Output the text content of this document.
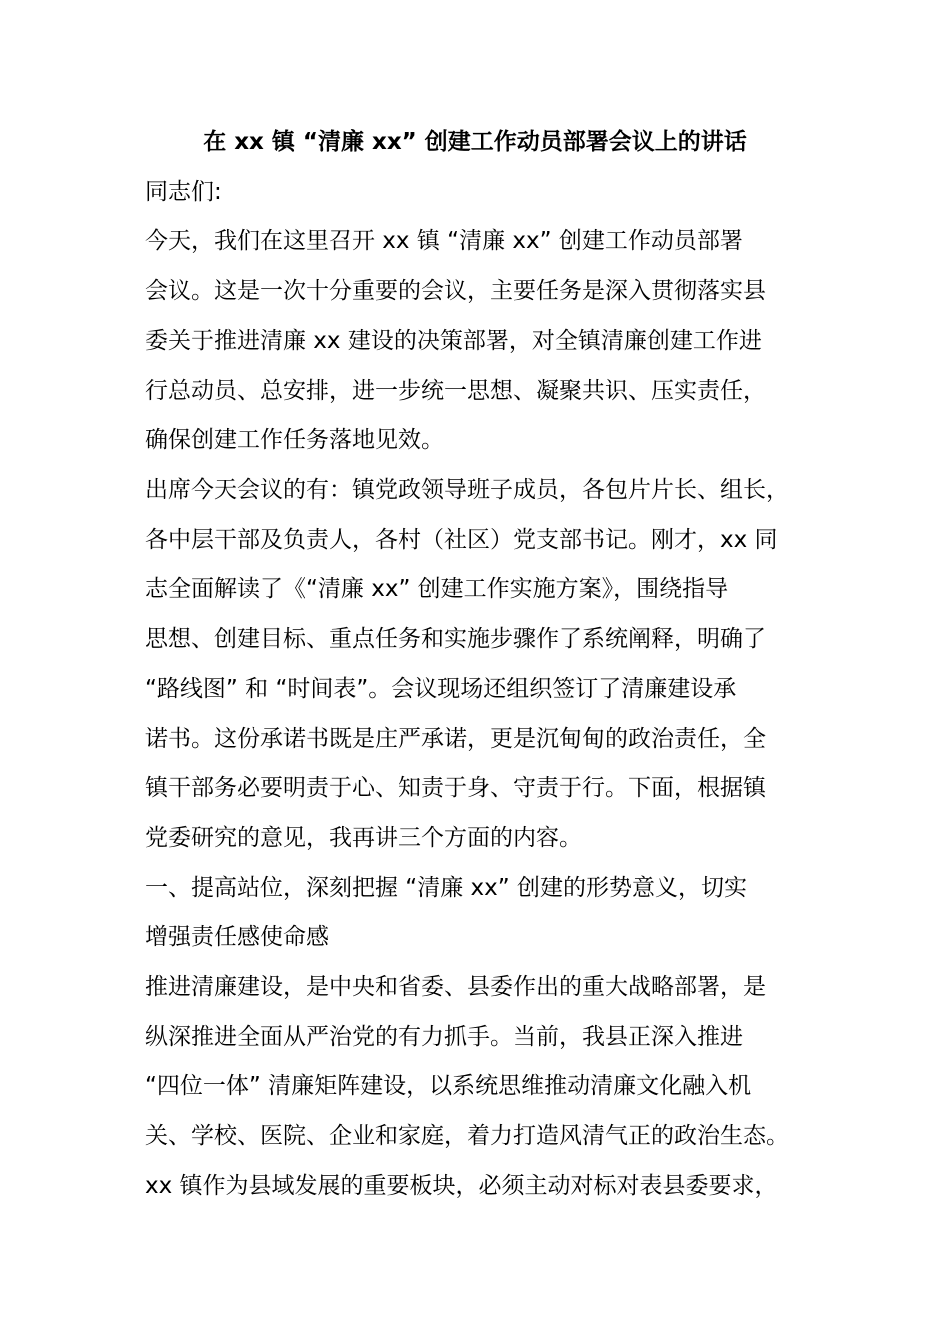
在 xx 镇 “清廉 xx” 创建工作动员部署会议上的讲话
同志们:
今天，我们在这里召开 xx 镇 “清廉 xx” 创建工作动员部署
会议。这是一次十分重要的会议，主要任务是深入贯彻落实县
委关于推进清廉 xx 建设的决策部署，对全镇清廉创建工作进
行总动员、总安排，进一步统一思想、凝聚共识、压实责任，
确保创建工作任务落地见效。
出席今天会议的有：镇党政领导班子成员，各包片片长、组长，
各中层干部及负责人，各村（社区）党支部书记。刚才，xx 同
志全面解读了《“清廉 xx” 创建工作实施方案》，围绕指导
思想、创建目标、重点任务和实施步骤作了系统阐释，明确了
“路线图” 和 “时间表”。会议现场还组织签订了清廉建设承
诺书。这份承诺书既是庄严承诺，更是沉甸甸的政治责任，全
镇干部务必要明责于心、知责于身、守责于行。下面，根据镇
党委研究的意见，我再讲三个方面的内容。
一、提高站位，深刻把握 “清廉 xx” 创建的形势意义，切实
增强责任感使命感
推进清廉建设，是中央和省委、县委作出的重大战略部署，是
纵深推进全面从严治党的有力抓手。当前，我县正深入推进
“四位一体” 清廉矩阵建设，以系统思维推动清廉文化融入机
关、学校、医院、企业和家庭，着力打造风清气正的政治生态。
xx 镇作为县域发展的重要板块，必须主动对标对表县委要求，
